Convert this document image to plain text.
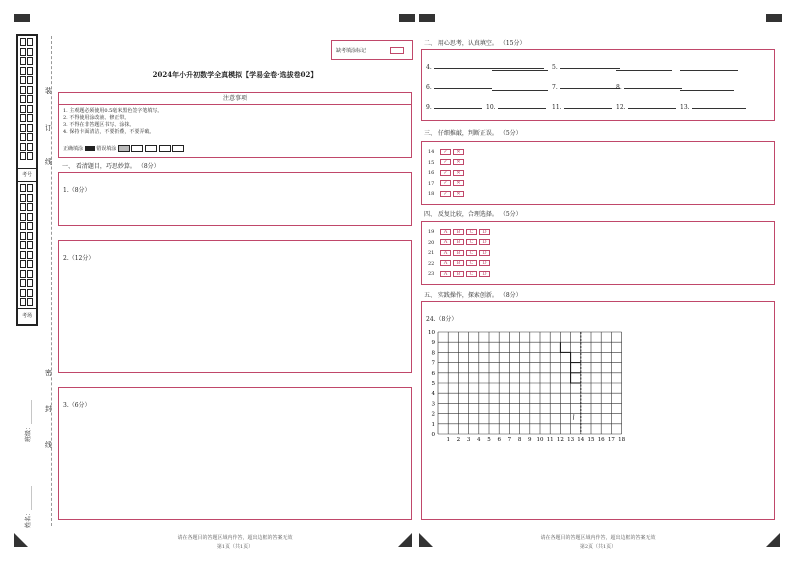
考号
考场
装
订
线
密
封
线
班级：________
姓名：________
缺考填涂标记
2024年小升初数学全真模拟【学易金卷·选拔卷02】
注意事项
1. 主观题必须使用0.5毫米黑色签字笔填写。
2. 不得使用涂改液、修正带。
3. 不得在非答题区书写、涂抹。
4. 保持卡面清洁，不要折叠，不要弄破。
正确填涂	错误填涂
一、 看清题目，巧思妙算。 （8分）
1.（8分）
2.（12分）
3.（6分）
请在各题目的答题区域内作答，超出边框的答案无效
第1页（共1页）
二、 用心思考，认真填空。 （15分）
4.	5.
6.	7.	8.
9.	10.	11.	12.	13.
三、 仔细推敲，判断正误。 （5分）
14 ✓ ✕
15 ✓ ✕
16 ✓ ✕
17 ✓ ✕
18 ✓ ✕
四、 反复比较，合理选择。 （5分）
19 A B C D
20 A B C D
21 A B C D
22 A B C D
23 A B C D
五、 实践操作，探索创新。 （8分）
24.（8分）
10
9
8
7
6
5
4
3
2
1
0
1 2 3 4 5 6 7 8 9 10 11 12 13 14 15 16 17 18
l
请在各题目的答题区域内作答，超出边框的答案无效
第2页（共1页）
